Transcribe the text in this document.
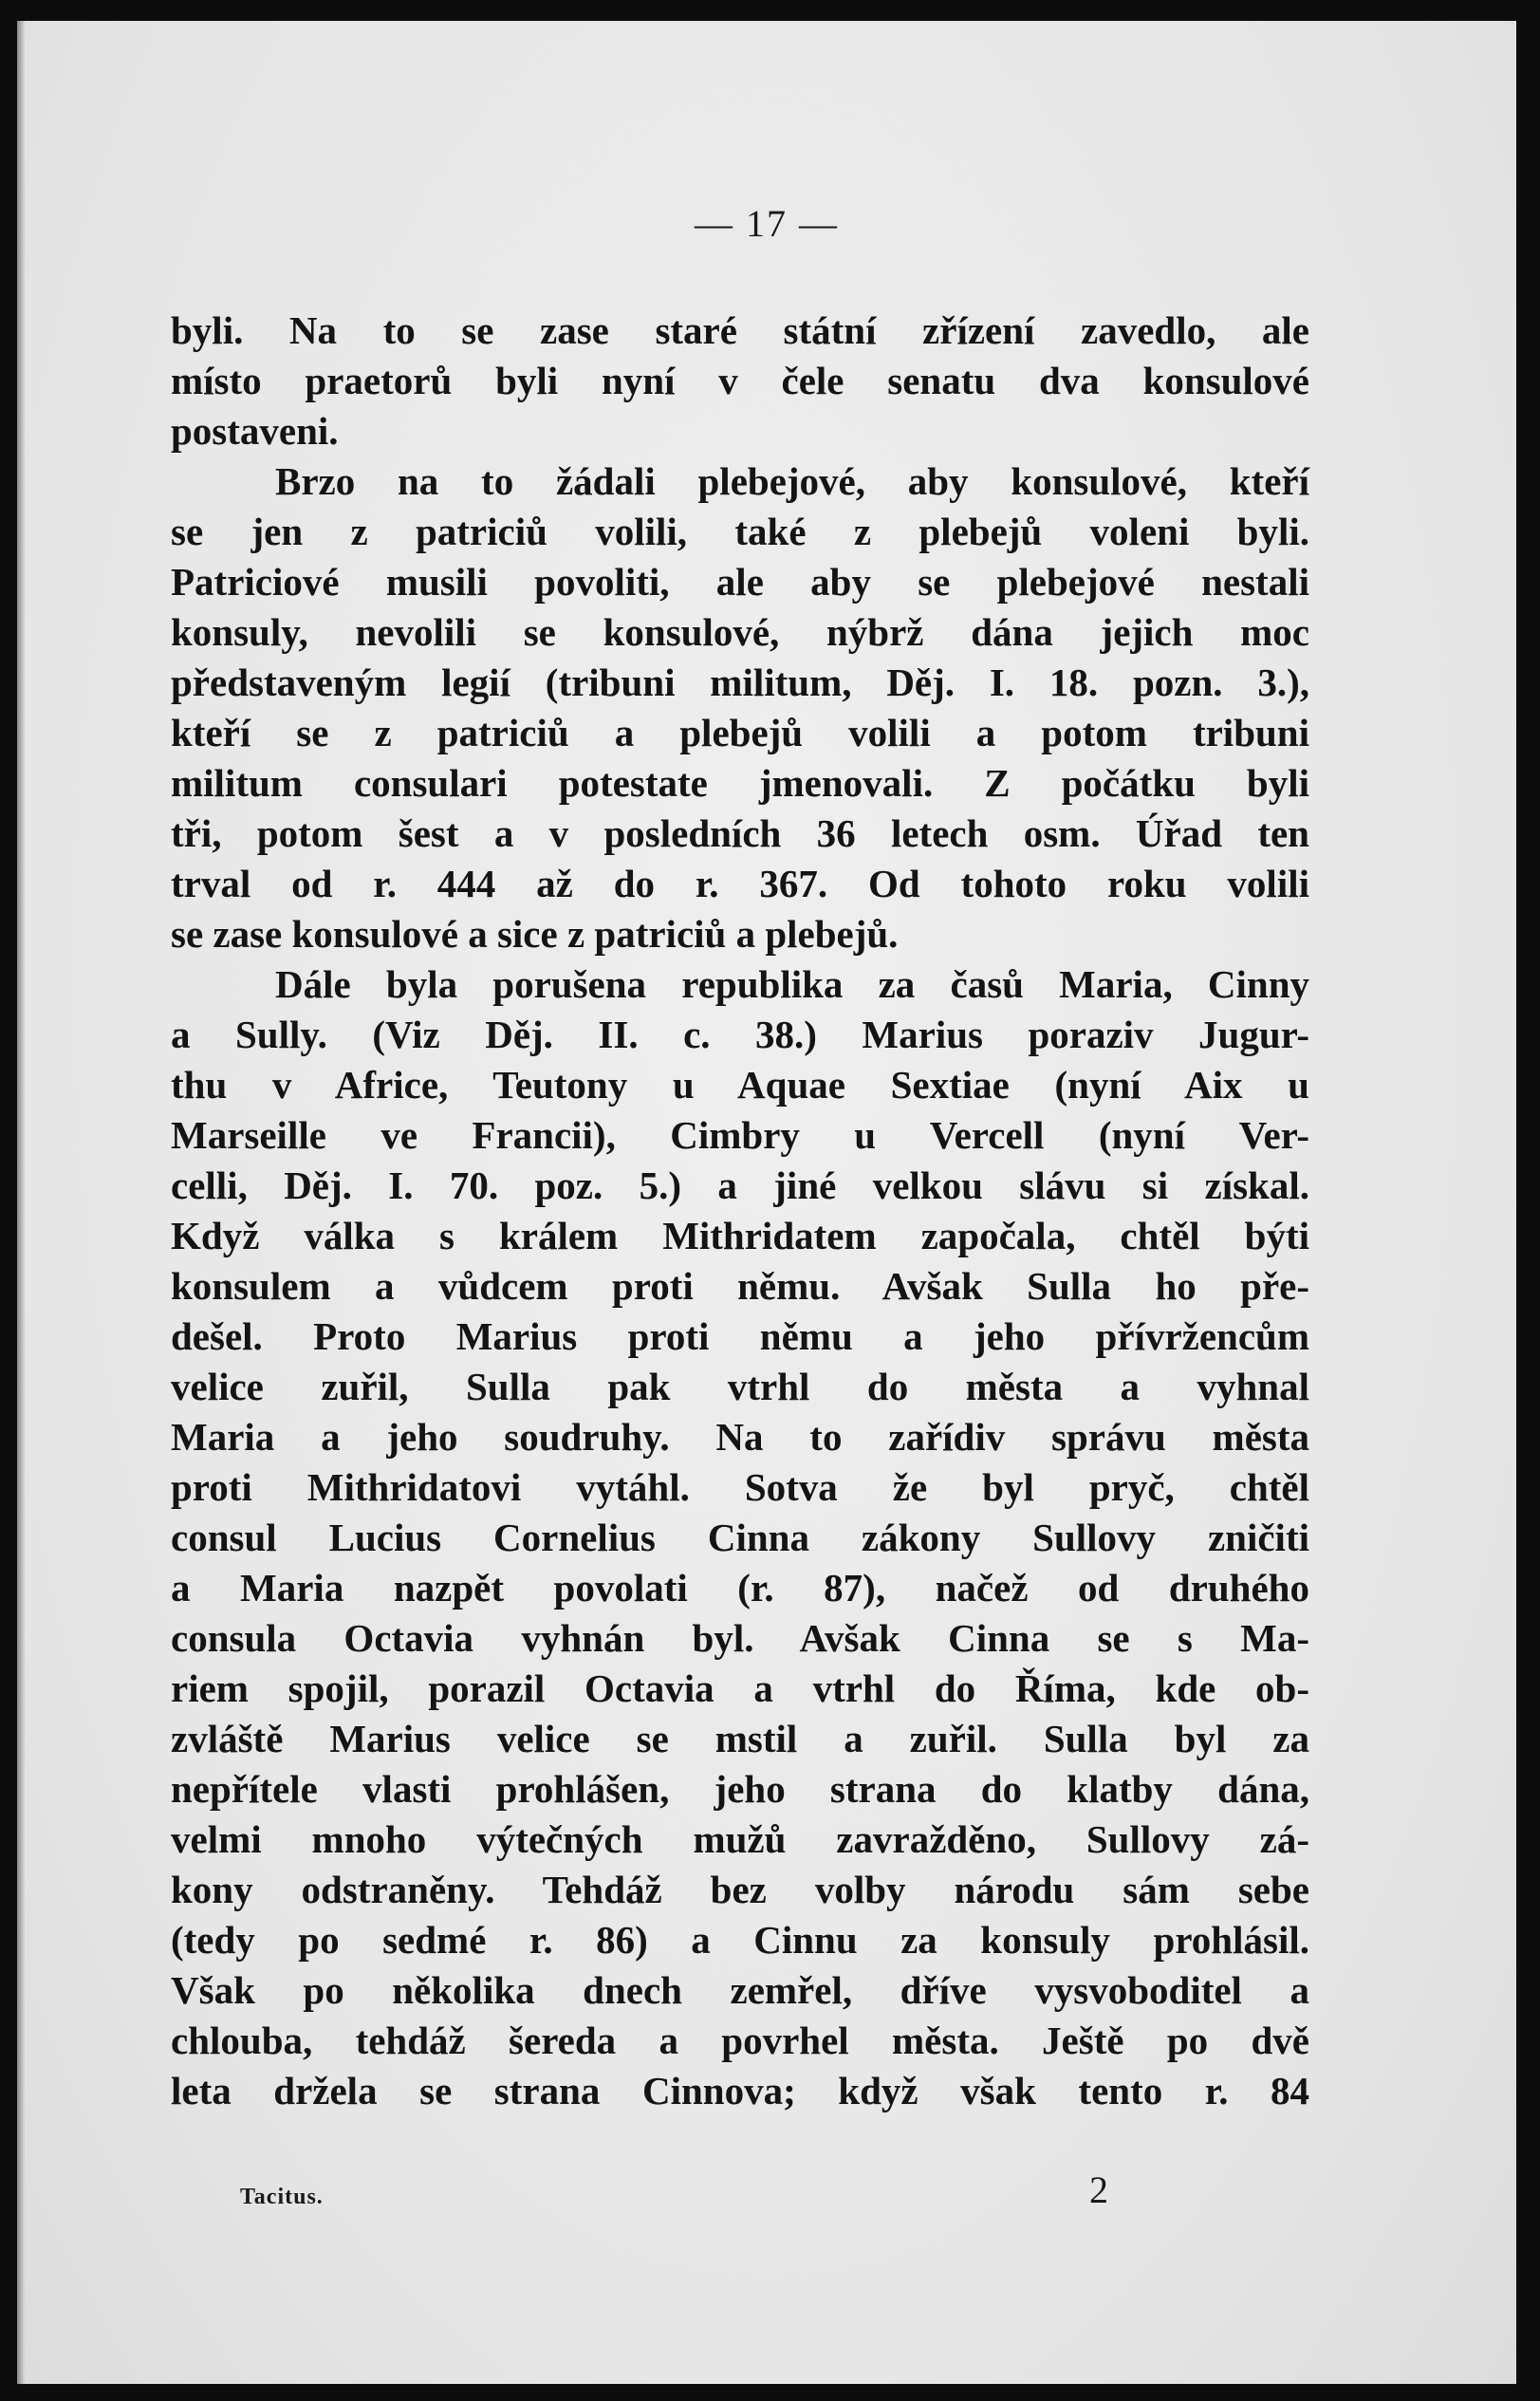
— 17 —
byli. Na to se zase staré státní zřízení zavedlo, ale
místo praetorů byli nyní v čele senatu dva konsulové
postaveni.
Brzo na to žádali plebejové, aby konsulové, kteří
se jen z patriciů volili, také z plebejů voleni byli.
Patriciové musili povoliti, ale aby se plebejové nestali
konsuly, nevolili se konsulové, nýbrž dána jejich moc
představeným legií (tribuni militum, Děj. I. 18. pozn. 3.),
kteří se z patriciů a plebejů volili a potom tribuni
militum consulari potestate jmenovali. Z počátku byli
tři, potom šest a v posledních 36 letech osm. Úřad ten
trval od r. 444 až do r. 367. Od tohoto roku volili
se zase konsulové a sice z patriciů a plebejů.
Dále byla porušena republika za časů Maria, Cinny
a Sully. (Viz Děj. II. c. 38.) Marius poraziv Jugur-
thu v Africe, Teutony u Aquae Sextiae (nyní Aix u
Marseille ve Francii), Cimbry u Vercell (nyní Ver-
celli, Děj. I. 70. poz. 5.) a jiné velkou slávu si získal.
Když válka s králem Mithridatem započala, chtěl býti
konsulem a vůdcem proti němu. Avšak Sulla ho pře-
dešel. Proto Marius proti němu a jeho přívržencům
velice zuřil, Sulla pak vtrhl do města a vyhnal
Maria a jeho soudruhy. Na to zařídiv správu města
proti Mithridatovi vytáhl. Sotva že byl pryč, chtěl
consul Lucius Cornelius Cinna zákony Sullovy zničiti
a Maria nazpět povolati (r. 87), načež od druhého
consula Octavia vyhnán byl. Avšak Cinna se s Ma-
riem spojil, porazil Octavia a vtrhl do Říma, kde ob-
zvláště Marius velice se mstil a zuřil. Sulla byl za
nepřítele vlasti prohlášen, jeho strana do klatby dána,
velmi mnoho výtečných mužů zavražděno, Sullovy zá-
kony odstraněny. Tehdáž bez volby národu sám sebe
(tedy po sedmé r. 86) a Cinnu za konsuly prohlásil.
Však po několika dnech zemřel, dříve vysvoboditel a
chlouba, tehdáž šereda a povrhel města. Ještě po dvě
leta držela se strana Cinnova; když však tento r. 84
Tacitus.	2
